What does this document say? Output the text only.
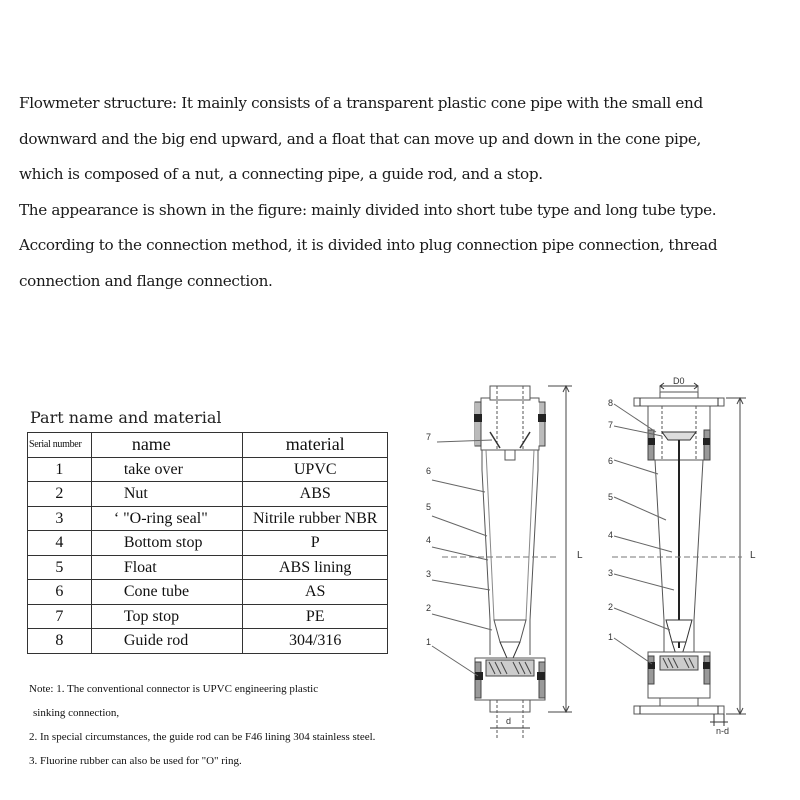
Flowmeter structure: It mainly consists of a transparent plastic cone pipe with the small end

downward and the big end upward, and a float that can move up and down in the cone pipe,

which is composed of a nut, a connecting pipe, a guide rod, and a stop.

The appearance is shown in the figure: mainly divided into short tube type and long tube type.

According to the connection method, it is divided into plug connection pipe connection, thread

connection and flange connection.

Part name and material
Serial number	name	material
1	take over	UPVC
2	Nut	ABS
3	‘ "O-ring seal"	Nitrile rubber NBR
4	Bottom stop	P
5	Float	ABS lining
6	Cone tube	AS
7	Top stop	PE
8	Guide rod	304/316
Note: 1. The conventional connector is UPVC engineering plastic
sinking connection,
2. In special circumstances, the guide rod can be F46 lining 304 stainless steel.
3. Fluorine rubber can also be used for "O" ring.
7
6
5
4
3
2
1
L
d
8
7
6
5
4
3
2
1
D0
L
n-d
